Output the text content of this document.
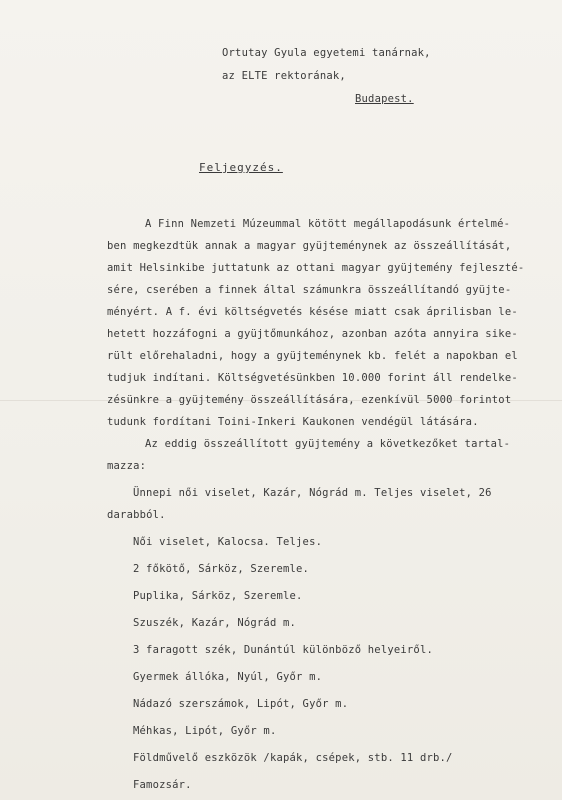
Ortutay Gyula egyetemi tanárnak,
az ELTE rektorának,
Budapest.
Feljegyzés.
A Finn Nemzeti Múzeummal kötött megállapodásunk értelmé-
ben megkezdtük annak a magyar gyüjteménynek az összeállítását,
amit Helsinkibe juttatunk az ottani magyar gyüjtemény fejleszté-
sére, cserében a finnek által számunkra összeállítandó gyüjte-
ményért. A f. évi költségvetés késése miatt csak áprilisban le-
hetett hozzáfogni a gyüjtőmunkához, azonban azóta annyira sike-
rült előrehaladni, hogy a gyüjteménynek kb. felét a napokban el
tudjuk indítani. Költségvetésünkben 10.000 forint áll rendelke-
zésünkre a gyüjtemény összeállítására, ezenkívül 5000 forintot
tudunk fordítani Toini-Inkeri Kaukonen vendégül látására.
Az eddig összeállított gyüjtemény a következőket tartal-
mazza:
Ünnepi női viselet, Kazár, Nógrád m. Teljes viselet, 26
darabból.
Női viselet, Kalocsa. Teljes.
2 főkötő, Sárköz, Szeremle.
Puplika, Sárköz, Szeremle.
Szuszék, Kazár, Nógrád m.
3 faragott szék, Dunántúl különböző helyeiről.
Gyermek állóka, Nyúl, Győr m.
Nádazó szerszámok, Lipót, Győr m.
Méhkas, Lipót, Győr m.
Földművelő eszközök /kapák, csépek, stb. 11 drb./
Famozsár.
